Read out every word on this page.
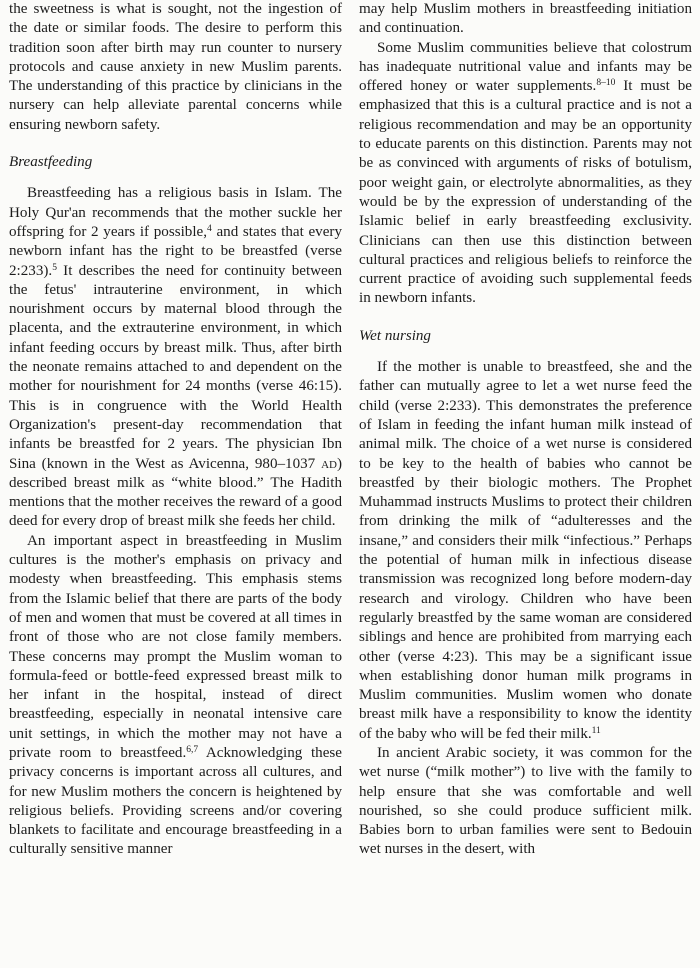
the sweetness is what is sought, not the ingestion of the date or similar foods. The desire to perform this tradition soon after birth may run counter to nursery protocols and cause anxiety in new Muslim parents. The understanding of this practice by clinicians in the nursery can help alleviate parental concerns while ensuring newborn safety.

Breastfeeding

Breastfeeding has a religious basis in Islam. The Holy Qur'an recommends that the mother suckle her offspring for 2 years if possible,$^4$ and states that every newborn infant has the right to be breastfed (verse 2:233).$^5$ It describes the need for continuity between the fetus' intrauterine environment, in which nourishment occurs by maternal blood through the placenta, and the extrauterine environment, in which infant feeding occurs by breast milk. Thus, after birth the neonate remains attached to and dependent on the mother for nourishment for 24 months (verse 46:15). This is in congruence with the World Health Organization's present-day recommendation that infants be breastfed for 2 years. The physician Ibn Sina (known in the West as Avicenna, 980–1037 ad) described breast milk as “white blood.” The Hadith mentions that the mother receives the reward of a good deed for every drop of breast milk she feeds her child.

An important aspect in breastfeeding in Muslim cultures is the mother's emphasis on privacy and modesty when breastfeeding. This emphasis stems from the Islamic belief that there are parts of the body of men and women that must be covered at all times in front of those who are not close family members. These concerns may prompt the Muslim woman to formula-feed or bottle-feed expressed breast milk to her infant in the hospital, instead of direct breastfeeding, especially in neonatal intensive care unit settings, in which the mother may not have a private room to breastfeed.$^{6,7}$ Acknowledging these privacy concerns is important across all cultures, and for new Muslim mothers the concern is heightened by religious beliefs. Providing screens and/or covering blankets to facilitate and encourage breastfeeding in a culturally sensitive manner

may help Muslim mothers in breastfeeding initiation and continuation.

Some Muslim communities believe that colostrum has inadequate nutritional value and infants may be offered honey or water supplements.$^{8-10}$ It must be emphasized that this is a cultural practice and is not a religious recommendation and may be an opportunity to educate parents on this distinction. Parents may not be as convinced with arguments of risks of botulism, poor weight gain, or electrolyte abnormalities, as they would be by the expression of understanding of the Islamic belief in early breastfeeding exclusivity. Clinicians can then use this distinction between cultural practices and religious beliefs to reinforce the current practice of avoiding such supplemental feeds in newborn infants.

Wet nursing

If the mother is unable to breastfeed, she and the father can mutually agree to let a wet nurse feed the child (verse 2:233). This demonstrates the preference of Islam in feeding the infant human milk instead of animal milk. The choice of a wet nurse is considered to be key to the health of babies who cannot be breastfed by their biologic mothers. The Prophet Muhammad instructs Muslims to protect their children from drinking the milk of “adulteresses and the insane,” and considers their milk “infectious.” Perhaps the potential of human milk in infectious disease transmission was recognized long before modern-day research and virology. Children who have been regularly breastfed by the same woman are considered siblings and hence are prohibited from marrying each other (verse 4:23). This may be a significant issue when establishing donor human milk programs in Muslim communities. Muslim women who donate breast milk have a responsibility to know the identity of the baby who will be fed their milk.$^{11}$

In ancient Arabic society, it was common for the wet nurse (“milk mother”) to live with the family to help ensure that she was comfortable and well nourished, so she could produce sufficient milk. Babies born to urban families were sent to Bedouin wet nurses in the desert, with
